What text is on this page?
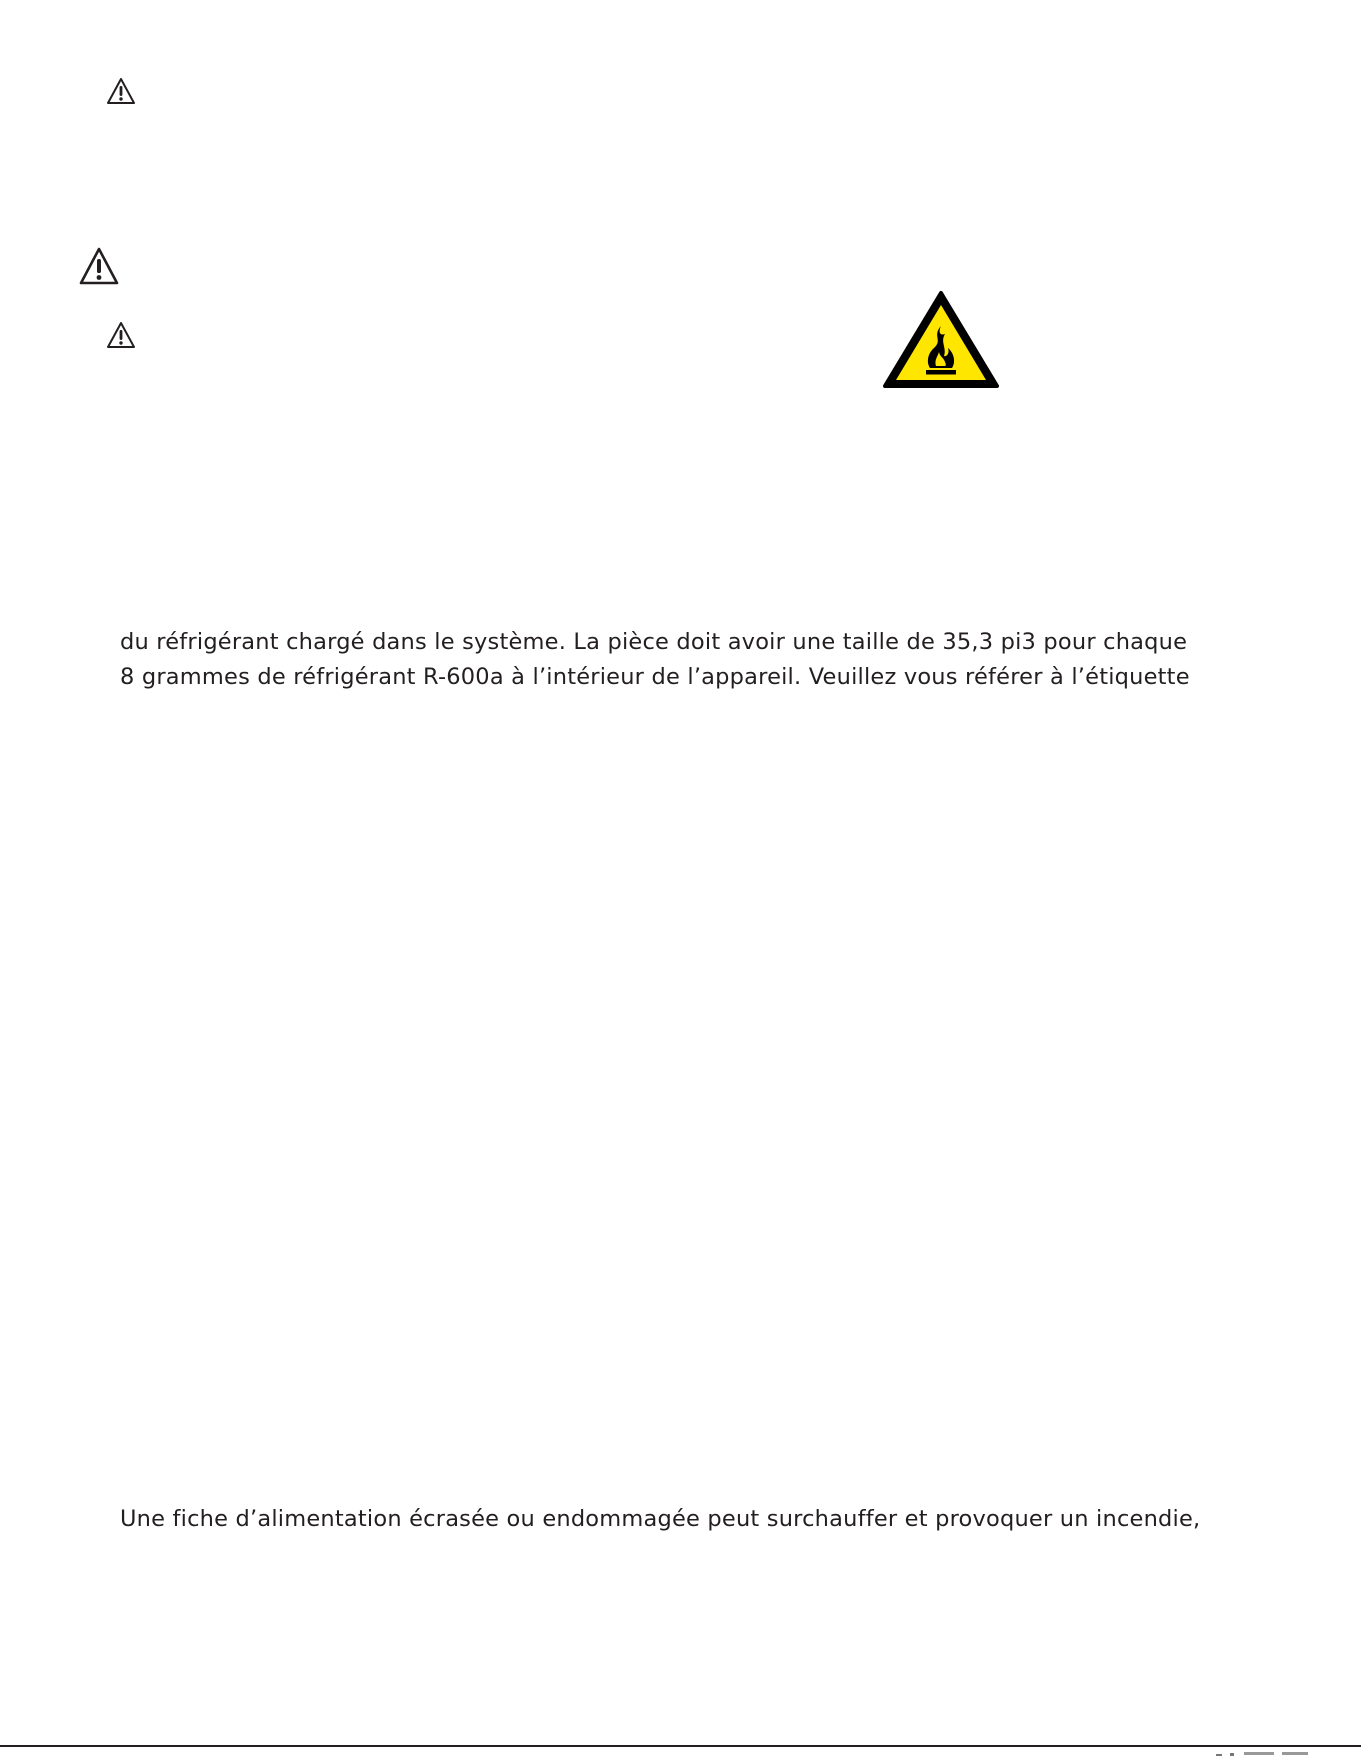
du réfrigérant chargé dans le système. La pièce doit avoir une taille de 35,3 pi3 pour chaque
8 grammes de réfrigérant R-600a à l’intérieur de l’appareil. Veuillez vous référer à l’étiquette
Une fiche d’alimentation écrasée ou endommagée peut surchauffer et provoquer un incendie,
